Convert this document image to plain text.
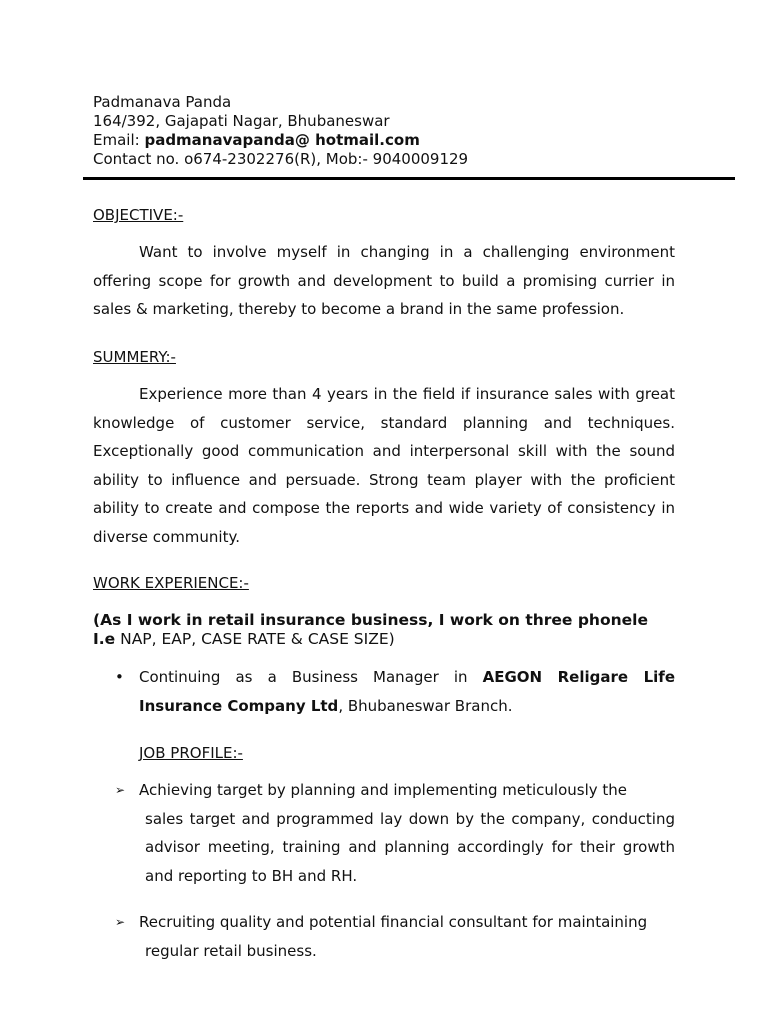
Padmanava Panda
164/392, Gajapati Nagar, Bhubaneswar
Email: padmanavapanda@ hotmail.com
Contact no. o674-2302276(R), Mob:- 9040009129
OBJECTIVE:-
Want to involve myself in changing in a challenging environment offering scope for growth and development to build a promising currier in sales & marketing, thereby to become a brand in the same profession.
SUMMERY:-
Experience more than 4 years in the field if insurance sales with great knowledge of customer service, standard planning and techniques. Exceptionally good communication and interpersonal skill with the sound ability to influence and persuade. Strong team player with the proficient ability to create and compose the reports and wide variety of consistency in diverse community.
WORK EXPERIENCE:-
(As I work in retail insurance business, I work on three phonele
I.e NAP, EAP, CASE RATE & CASE SIZE)
•	Continuing as a Business Manager in AEGON Religare Life Insurance Company Ltd, Bhubaneswar Branch.
JOB PROFILE:-
➢ Achieving target by planning and implementing meticulously the
sales target and programmed lay down by the company, conducting advisor meeting, training and planning accordingly for their growth and reporting to BH and RH.
➢ Recruiting quality and potential financial consultant for maintaining
regular retail business.
